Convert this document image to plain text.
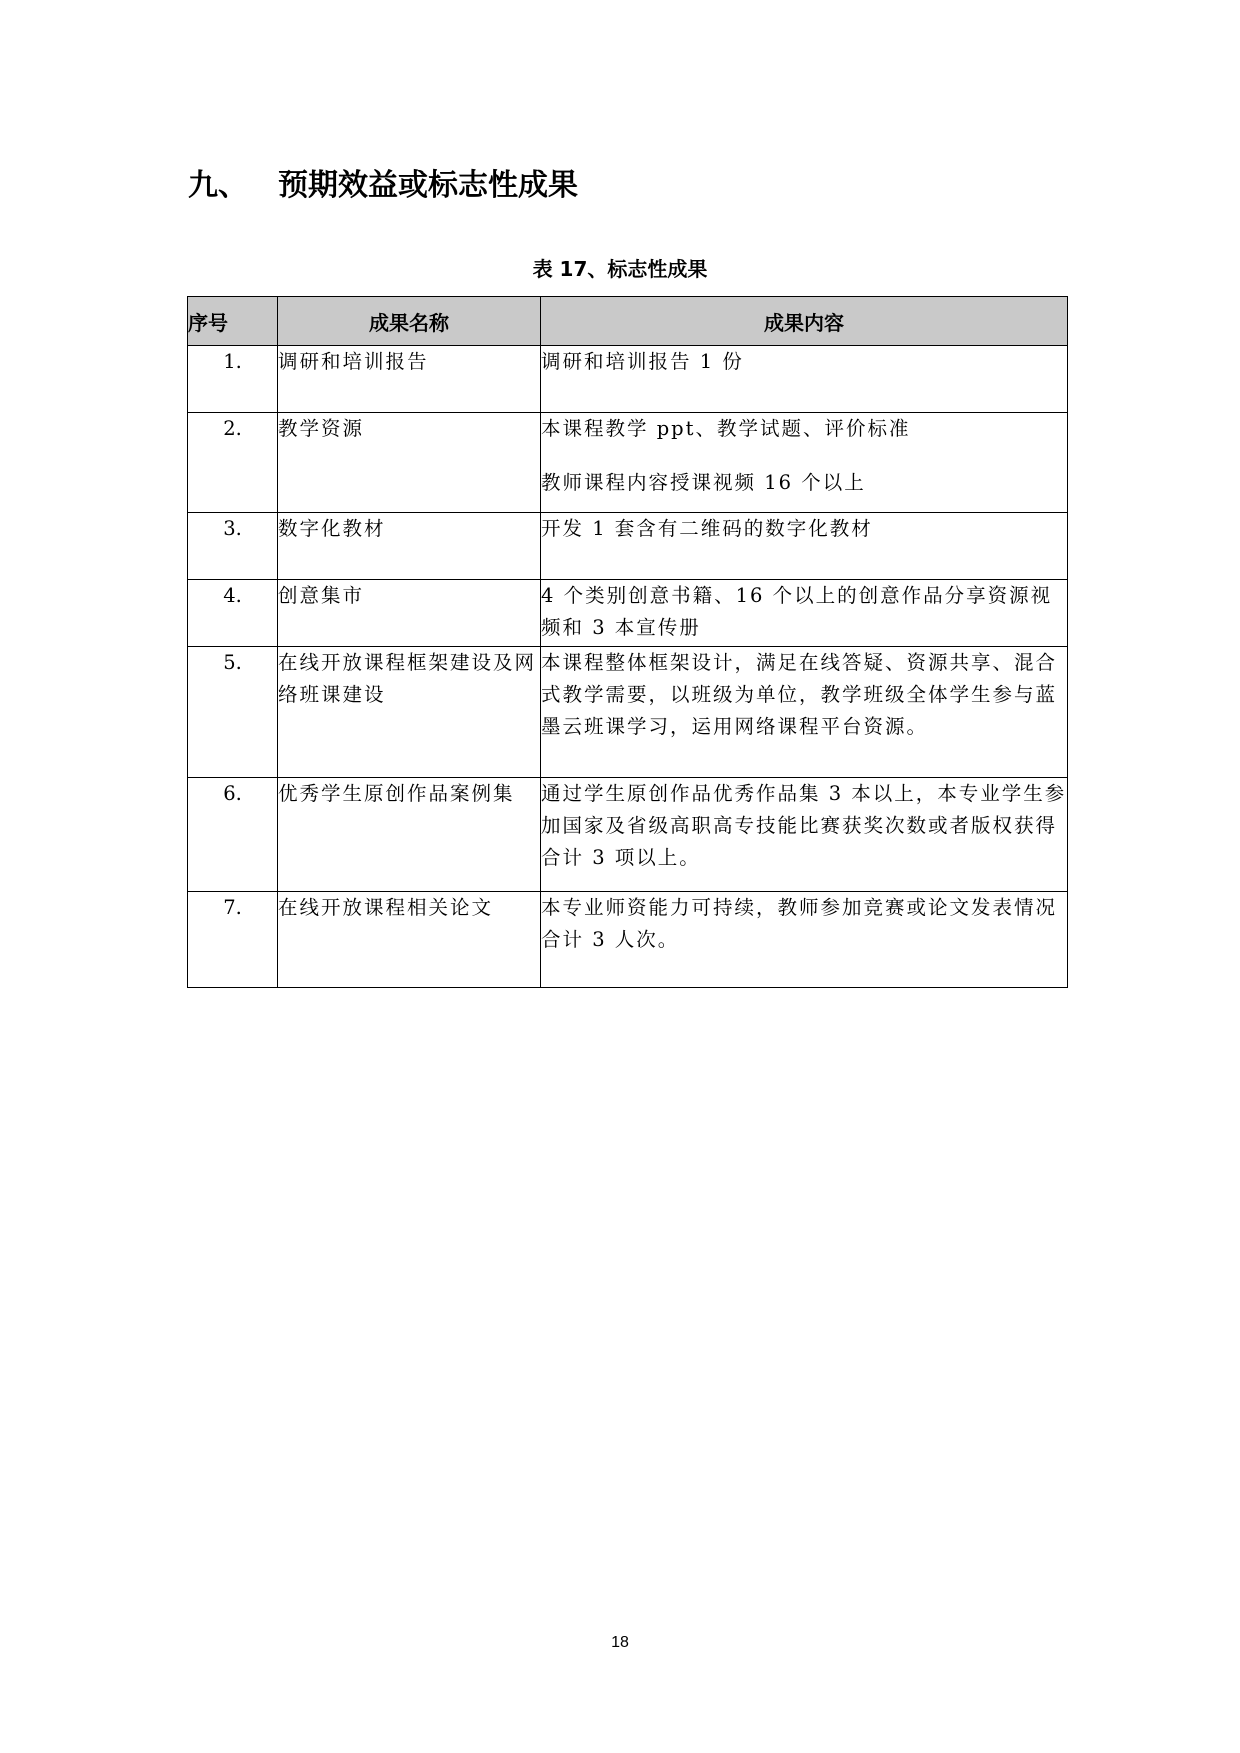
九、 预期效益或标志性成果
表 17、标志性成果
序号	成果名称	成果内容
1.	调研和培训报告	调研和培训报告 1 份

2.	教学资源	本课程教学 ppt、教学试题、评价标准
教师课程内容授课视频 16 个以上

3.	数字化教材	开发 1 套含有二维码的数字化教材

4.	创意集市	4 个类别创意书籍、16 个以上的创意作品分享资源视频和 3 本宣传册

5.	在线开放课程框架建设及网络班课建设	本课程整体框架设计，满足在线答疑、资源共享、混合式教学需要，以班级为单位，教学班级全体学生参与蓝墨云班课学习，运用网络课程平台资源。

6.	优秀学生原创作品案例集	通过学生原创作品优秀作品集 3 本以上，本专业学生参加国家及省级高职高专技能比赛获奖次数或者版权获得合计 3 项以上。

7.	在线开放课程相关论文	本专业师资能力可持续，教师参加竞赛或论文发表情况合计 3 人次。
18
